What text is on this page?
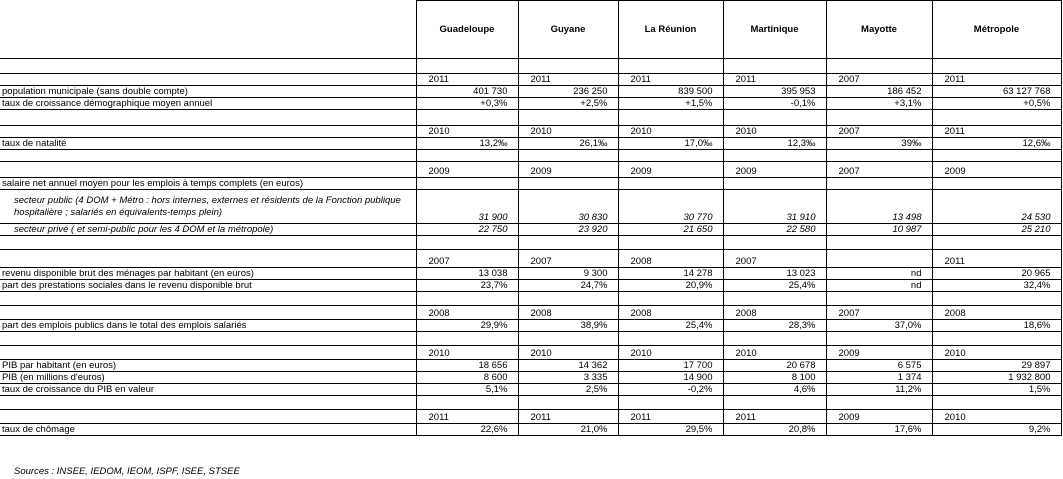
	Guadeloupe	Guyane	La Réunion	Martinique	Mayotte	Métropole

	2011	2011	2011	2011	2007	2011
population municipale (sans double compte)	401 730	236 250	839 500	395 953	186 452	63 127 768
taux de croissance démographique moyen annuel	+0,3%	+2,5%	+1,5%	-0,1%	+3,1%	+0,5%

	2010	2010	2010	2010	2007	2011
taux de natalité	13,2‰	26,1‰	17,0‰	12,3‰	39‰	12,6‰

	2009	2009	2009	2009	2007	2009
salaire net annuel moyen pour les emplois à temps complets (en euros)						
secteur public (4 DOM + Métro : hors internes, externes et résidents de la Fonction publique hospitalière ; salariés en équivalents-temps plein)	31 900	30 830	30 770	31 910	13 498	24 530
secteur privé ( et semi-public pour les 4 DOM et la métropole)	22 750	23 920	21 650	22 580	10 987	25 210

	2007	2007	2008	2007		2011
revenu disponible brut des ménages par habitant (en euros)	13 038	9 300	14 278	13 023	nd	20 965
part des prestations sociales dans le revenu disponible brut	23,7%	24,7%	20,9%	25,4%	nd	32,4%

	2008	2008	2008	2008	2007	2008
part des emplois publics dans le total des emplois salariés	29,9%	38,9%	25,4%	28,3%	37,0%	18,6%

	2010	2010	2010	2010	2009	2010
PIB par habitant (en euros)	18 656	14 362	17 700	20 678	6 575	29 897
PIB (en millions d'euros)	8 600	3 335	14 900	8 100	1 374	1 932 800
taux de croissance du PIB en valeur	5,1%	2,5%	-0,2%	4,6%	11,2%	1,5%

	2011	2011	2011	2011	2009	2010
taux de chômage	22,6%	21,0%	29,5%	20,8%	17,6%	9,2%
Sources : INSEE, IEDOM, IEOM, ISPF, ISEE, STSEE
